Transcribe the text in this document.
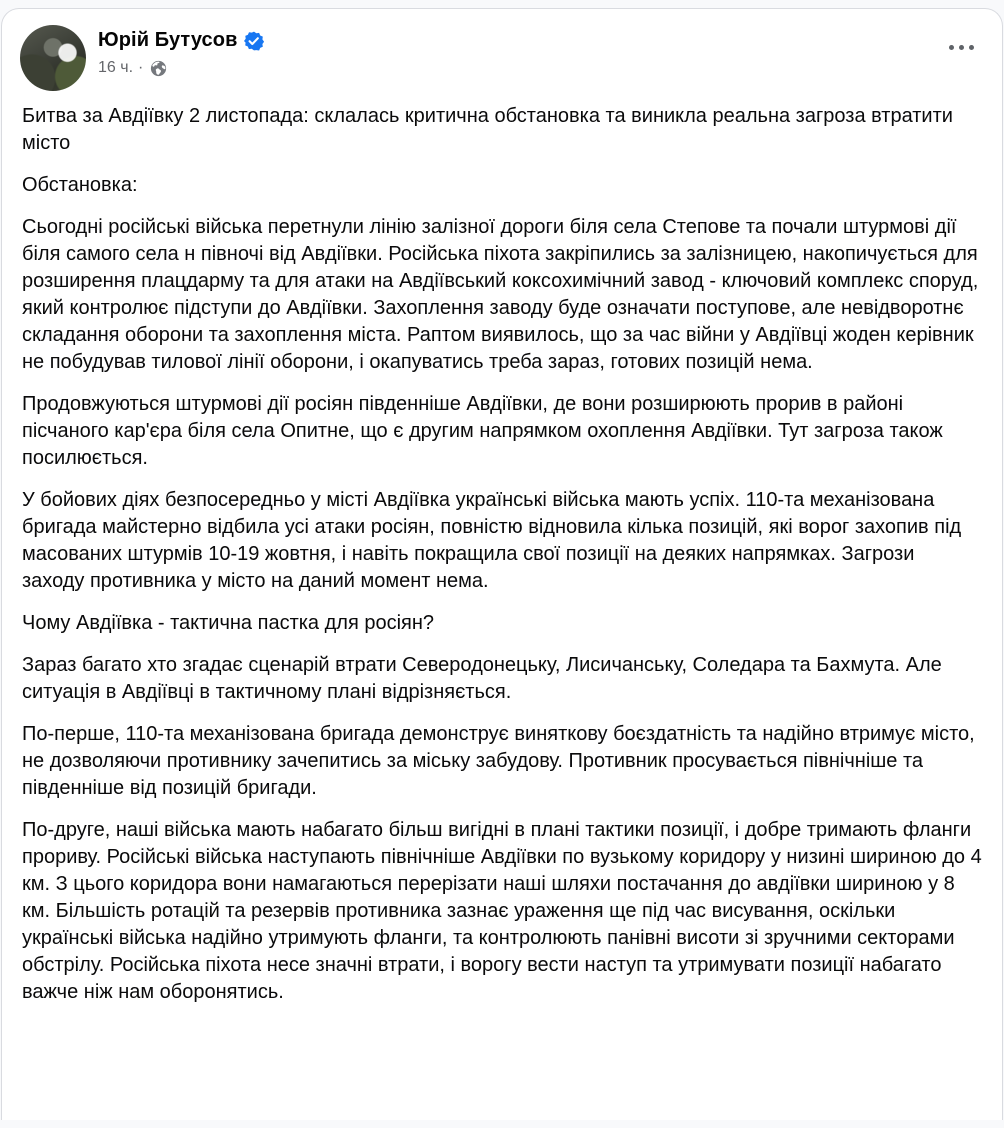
Юрій Бутусов
16 ч. ·

Битва за Авдіївку 2 листопада: склалась критична обстановка та виникла реальна загроза втратити місто

Обстановка:

Сьогодні російські війська перетнули лінію залізної дороги біля села Степове та почали штурмові дії біля самого села н півночі від Авдіївки. Російська піхота закріпились за залізницею, накопичується для розширення плацдарму та для атаки на Авдіївський коксохимічний завод - ключовий комплекс споруд, який контролює підступи до Авдіївки. Захоплення заводу буде означати поступове, але невідворотнє складання оборони та захоплення міста. Раптом виявилось, що за час війни у Авдіївці жоден керівник не побудував тилової лінії оборони, і окапуватись треба зараз, готових позицій нема.

Продовжуються штурмові дії росіян південніше Авдіївки, де вони розширюють прорив в районі пісчаного кар'єра біля села Опитне, що є другим напрямком охоплення Авдіївки. Тут загроза також посилюється.

У бойових діях безпосередньо у місті Авдіївка українські війська мають успіх. 110-та механізована бригада майстерно відбила усі атаки росіян, повністю відновила кілька позицій, які ворог захопив під  масованих штурмів 10-19 жовтня, і навіть покращила свої позиції на деяких напрямках. Загрози заходу противника у місто на даний момент нема.

Чому Авдіївка - тактична пастка для росіян?

Зараз багато хто згадає сценарій втрати Северодонецьку, Лисичанську, Соледара та Бахмута. Але ситуація в Авдіївці в тактичному плані відрізняється.

По-перше, 110-та механізована бригада демонструє виняткову боєздатність та надійно втримує місто, не дозволяючи противнику зачепитись за міську забудову. Противник просувається північніше та південніше від позицій бригади.

По-друге, наші війська мають набагато більш вигідні в плані тактики позиції, і добре тримають фланги прориву. Російські війська наступають північніше Авдіївки по вузькому коридору у низині шириною до 4 км. З цього коридора вони намагаються перерізати наші шляхи постачання до авдіївки шириною у 8 км. Більшість ротацій та резервів противника зазнає ураження ще під час висування, оскільки українські війська надійно утримують фланги, та контролюють панівні висоти зі зручними секторами обстрілу. Російська піхота несе значні втрати, і ворогу вести наступ та утримувати позиції набагато важче ніж нам оборонятись.
